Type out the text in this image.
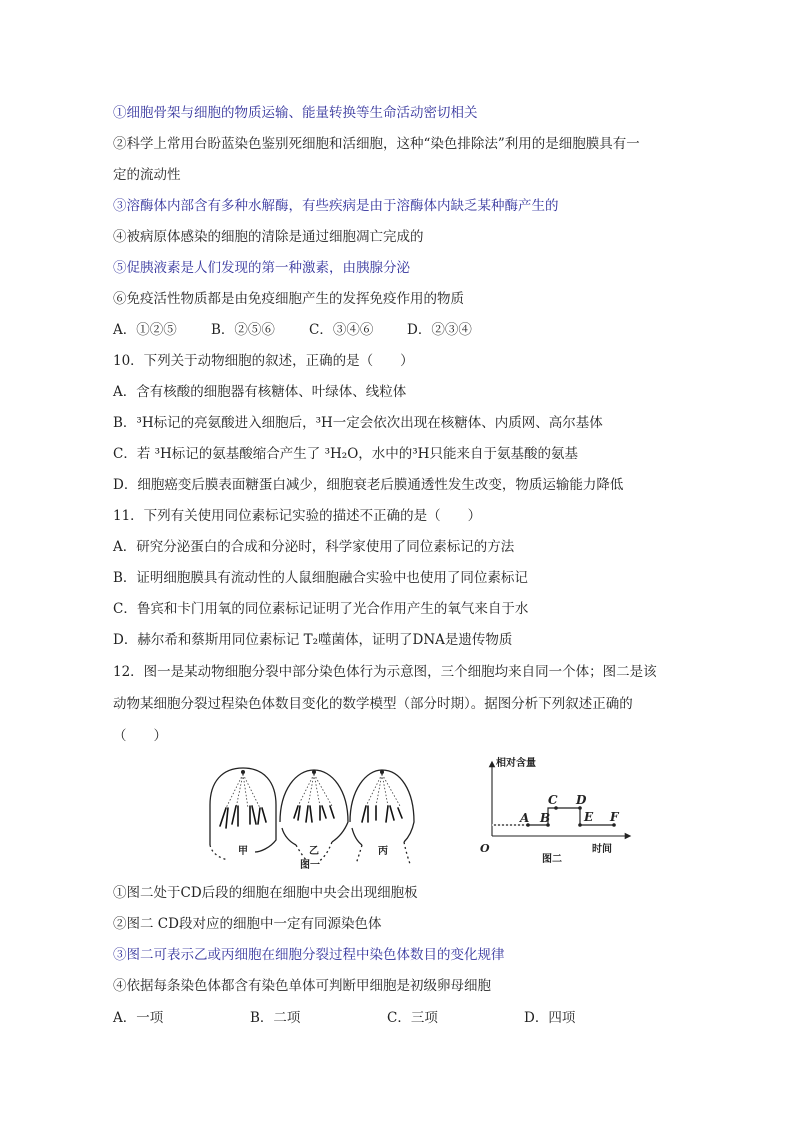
①细胞骨架与细胞的物质运输、能量转换等生命活动密切相关
②科学上常用台盼蓝染色鉴别死细胞和活细胞，这种“染色排除法”利用的是细胞膜具有一
定的流动性
③溶酶体内部含有多种水解酶，有些疾病是由于溶酶体内缺乏某种酶产生的
④被病原体感染的细胞的清除是通过细胞凋亡完成的
⑤促胰液素是人们发现的第一种激素，由胰腺分泌
⑥免疫活性物质都是由免疫细胞产生的发挥免疫作用的物质
A．①②⑤	B．②⑤⑥	C．③④⑥ D．②③④
10．下列关于动物细胞的叙述，正确的是（　　）
A．含有核酸的细胞器有核糖体、叶绿体、线粒体
B．³H标记的亮氨酸进入细胞后，³H一定会依次出现在核糖体、内质网、高尔基体
C．若 ³H标记的氨基酸缩合产生了 ³H₂O，水中的³H只能来自于氨基酸的氨基
D．细胞癌变后膜表面糖蛋白减少，细胞衰老后膜通透性发生改变，物质运输能力降低
11．下列有关使用同位素标记实验的描述不正确的是（　　）
A．研究分泌蛋白的合成和分泌时，科学家使用了同位素标记的方法
B．证明细胞膜具有流动性的人鼠细胞融合实验中也使用了同位素标记
C．鲁宾和卡门用氧的同位素标记证明了光合作用产生的氧气来自于水
D．赫尔希和蔡斯用同位素标记 T₂噬菌体，证明了DNA是遗传物质
12．图一是某动物细胞分裂中部分染色体行为示意图，三个细胞均来自同一个体；图二是该
动物某细胞分裂过程染色体数目变化的数学模型（部分时期）。据图分析下列叙述正确的
（　　）
甲	乙	丙
图一
A B
C D
E F
相对含量
O	时间
图二
①图二处于CD后段的细胞在细胞中央会出现细胞板
②图二 CD段对应的细胞中一定有同源染色体
③图二可表示乙或丙细胞在细胞分裂过程中染色体数目的变化规律
④依据每条染色体都含有染色单体可判断甲细胞是初级卵母细胞
A．一项	B．二项	C．三项	D．四项
